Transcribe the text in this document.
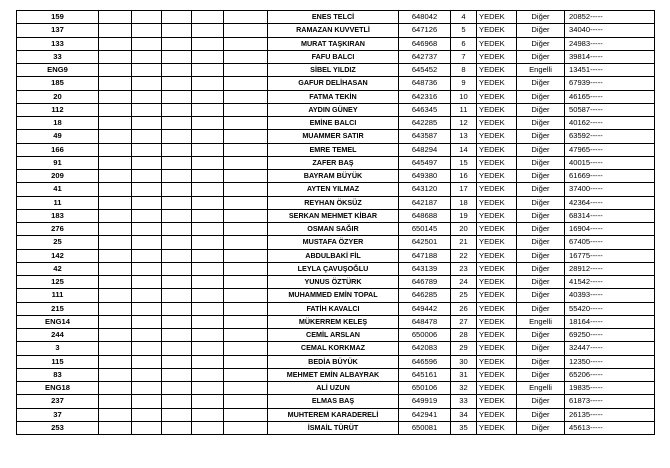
159						ENES TELCİ	648042	4	YEDEK	Diğer	20852-----
137						RAMAZAN KUVVETLİ	647126	5	YEDEK	Diğer	34040-----
133						MURAT TAŞKIRAN	646968	6	YEDEK	Diğer	24983-----
33						FAFU BALCI	642737	7	YEDEK	Diğer	39814-----
ENG9						SİBEL YILDIZ	645452	8	YEDEK	Engelli	13451-----
185						GAFUR DELİHASAN	648736	9	YEDEK	Diğer	67939-----
20						FATMA TEKİN	642316	10	YEDEK	Diğer	46165-----
112						AYDIN GÜNEY	646345	11	YEDEK	Diğer	50587-----
18						EMİNE BALCI	642285	12	YEDEK	Diğer	40162-----
49						MUAMMER SATIR	643587	13	YEDEK	Diğer	63592-----
166						EMRE TEMEL	648294	14	YEDEK	Diğer	47965-----
91						ZAFER BAŞ	645497	15	YEDEK	Diğer	40015-----
209						BAYRAM BÜYÜK	649380	16	YEDEK	Diğer	61669-----
41						AYTEN YILMAZ	643120	17	YEDEK	Diğer	37400-----
11						REYHAN ÖKSÜZ	642187	18	YEDEK	Diğer	42364-----
183						SERKAN MEHMET KİBAR	648688	19	YEDEK	Diğer	68314-----
276						OSMAN SAĞIR	650145	20	YEDEK	Diğer	16904-----
25						MUSTAFA ÖZYER	642501	21	YEDEK	Diğer	67405-----
142						ABDULBAKİ FİL	647188	22	YEDEK	Diğer	16775-----
42						LEYLA ÇAVUŞOĞLU	643139	23	YEDEK	Diğer	28912-----
125						YUNUS ÖZTÜRK	646789	24	YEDEK	Diğer	41542-----
111						MUHAMMED EMİN TOPAL	646285	25	YEDEK	Diğer	40393-----
215						FATİH KAVALCI	649442	26	YEDEK	Diğer	55420-----
ENG14						MÜKERREM KELEŞ	648478	27	YEDEK	Engelli	18164-----
244						CEMİL ARSLAN	650006	28	YEDEK	Diğer	69250-----
3						CEMAL KORKMAZ	642083	29	YEDEK	Diğer	32447-----
115						BEDİA BÜYÜK	646596	30	YEDEK	Diğer	12350-----
83						MEHMET EMİN ALBAYRAK	645161	31	YEDEK	Diğer	65206-----
ENG18						ALİ UZUN	650106	32	YEDEK	Engelli	19835-----
237						ELMAS BAŞ	649919	33	YEDEK	Diğer	61873-----
37						MUHTEREM KARADERELİ	642941	34	YEDEK	Diğer	26135-----
253						İSMAİL TÜRÜT	650081	35	YEDEK	Diğer	45613-----
